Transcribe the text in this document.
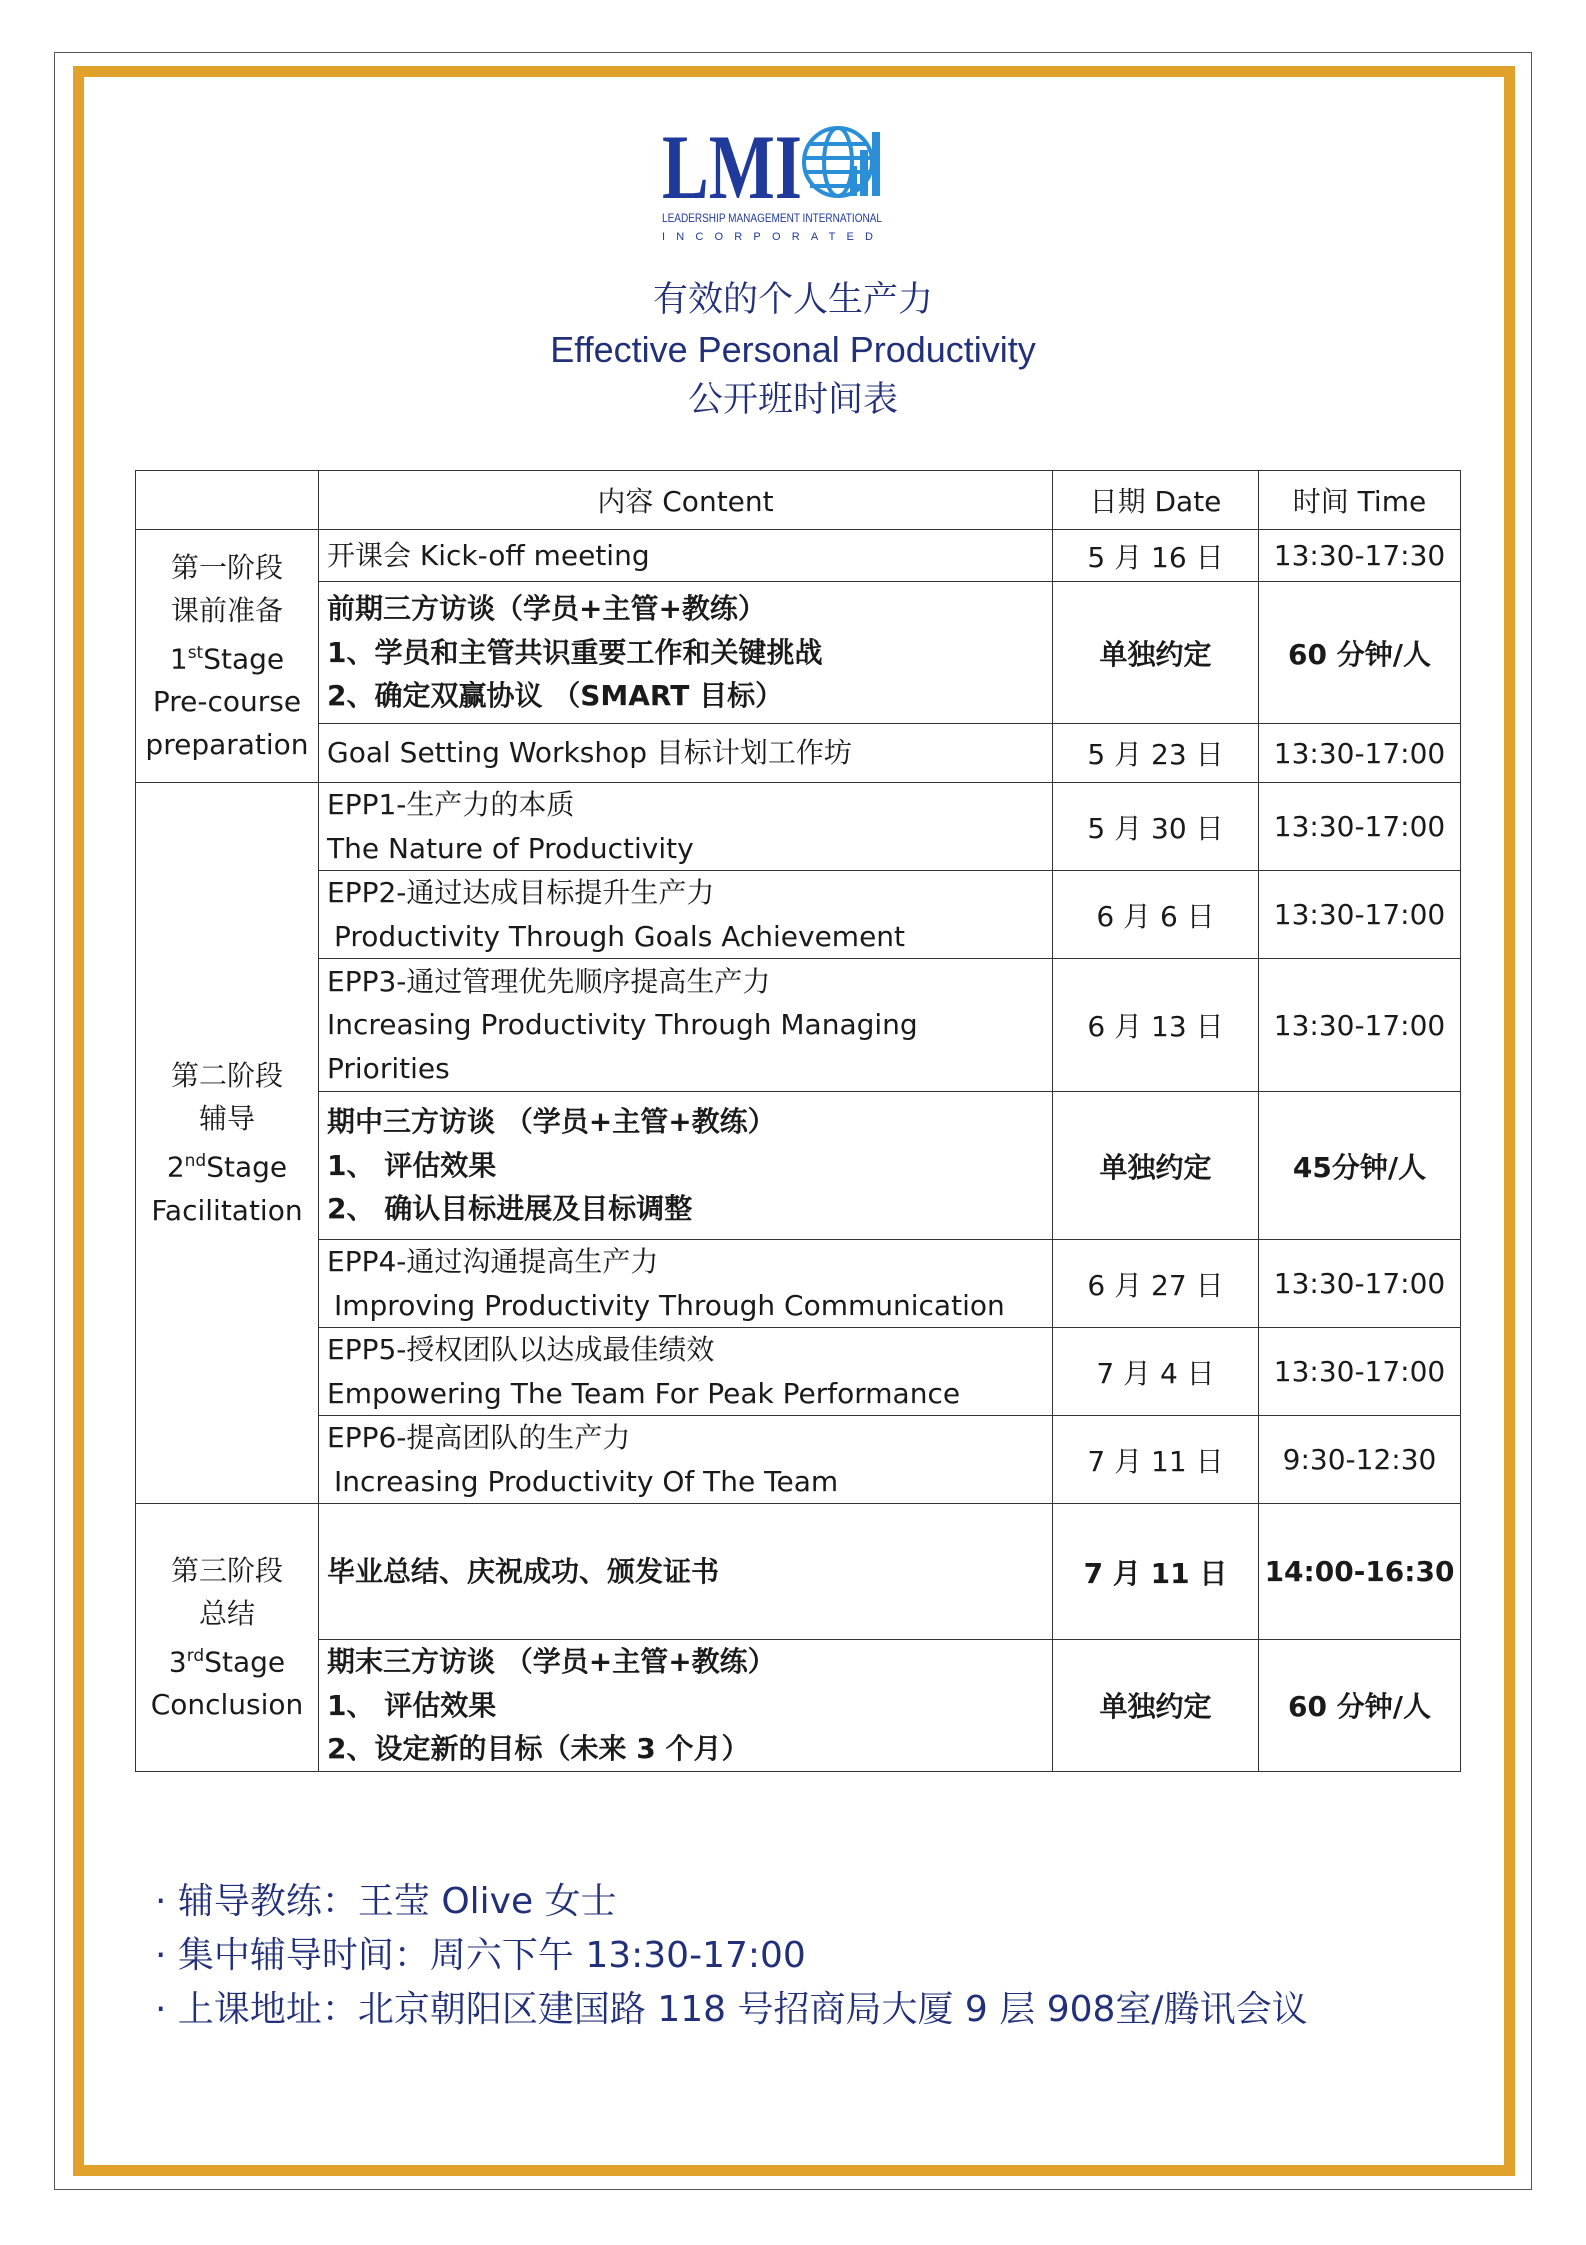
LMI
LEADERSHIP MANAGEMENT INTERNATIONAL
INCORPORATED
有效的个人生产力
Effective Personal Productivity
公开班时间表
	内容 Content	日期 Date	时间 Time

第一阶段
课前准备
1stStage
Pre-course
preparation	开课会 Kick-off meeting	5 月 16 日	13:30-17:30

	前期三方访谈（学员+主管+教练）
1、学员和主管共识重要工作和关键挑战
2、确定双赢协议 （SMART 目标）	单独约定	60 分钟/人

	Goal Setting Workshop 目标计划工作坊	5 月 23 日	13:30-17:00

第二阶段
辅导
2ndStage
Facilitation	EPP1-生产力的本质
The Nature of Productivity	5 月 30 日	13:30-17:00

	EPP2-通过达成目标提升生产力
Productivity Through Goals Achievement	6 月 6 日	13:30-17:00

	EPP3-通过管理优先顺序提高生产力
Increasing Productivity Through Managing
Priorities	6 月 13 日	13:30-17:00

	期中三方访谈 （学员+主管+教练）
1、 评估效果
2、 确认目标进展及目标调整	单独约定	45分钟/人

	EPP4-通过沟通提高生产力
Improving Productivity Through Communication	6 月 27 日	13:30-17:00

	EPP5-授权团队以达成最佳绩效
Empowering The Team For Peak Performance	7 月 4 日	13:30-17:00

	EPP6-提高团队的生产力
Increasing Productivity Of The Team	7 月 11 日	9:30-12:30

第三阶段
总结
3rdStage
Conclusion	毕业总结、庆祝成功、颁发证书	7 月 11 日	14:00-16:30

	期末三方访谈 （学员+主管+教练）
1、 评估效果
2、设定新的目标（未来 3 个月）	单独约定	60 分钟/人
· 辅导教练：王莹 Olive 女士
· 集中辅导时间：周六下午 13:30-17:00
· 上课地址：北京朝阳区建国路 118 号招商局大厦 9 层 908室/腾讯会议
